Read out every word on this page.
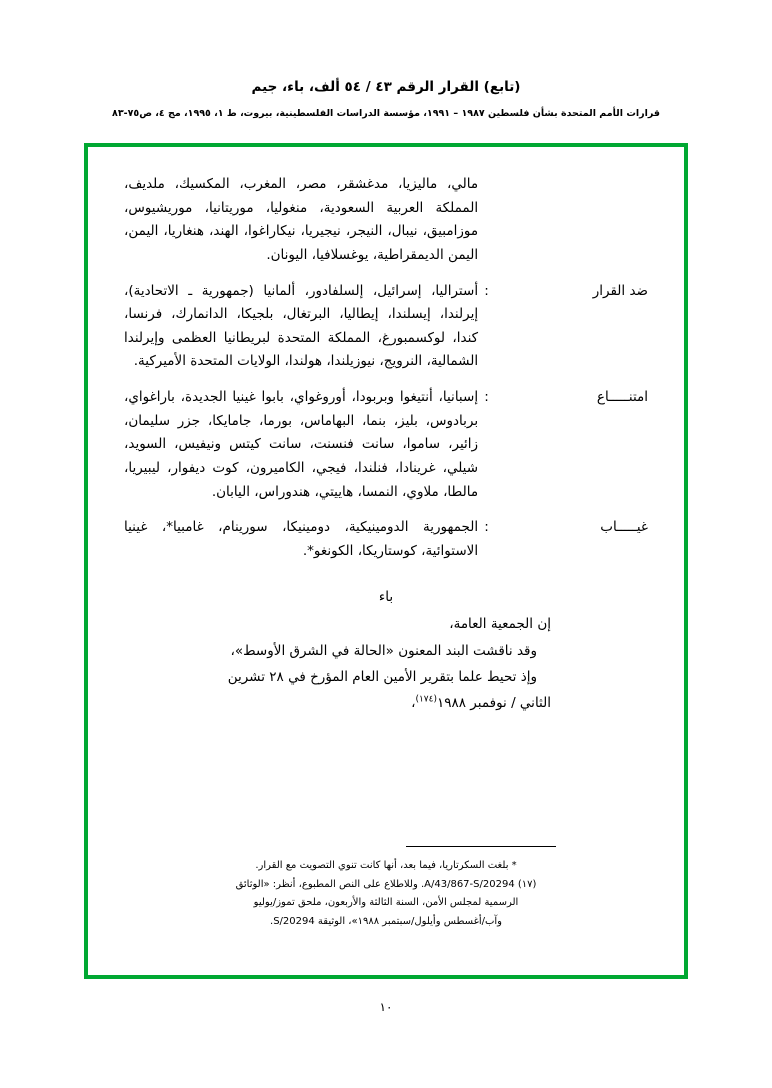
(تابع) القرار الرقم ٤٣ / ٥٤ ألف، باء، جيم
قرارات الأمم المتحدة بشأن فلسطين ١٩٨٧ – ١٩٩١، مؤسسة الدراسات الفلسطينية، بيروت، ط ١، ١٩٩٥، مج ٤، ص٧٥-٨٣
		مالي، ماليزيا، مدغشقر، مصر، المغرب، المكسيك، ملديف، المملكة العربية السعودية، منغوليا، موريتانيا، موريشيوس، موزامبيق، نيبال، النيجر، نيجيريا، نيكاراغوا، الهند، هنغاريا، اليمن، اليمن الديمقراطية، يوغسلافيا، اليونان.

ضد القرار	:	أستراليا، إسرائيل، إلسلفادور، ألمانيا (جمهورية ـ الاتحادية)، إيرلندا، إيسلندا، إيطاليا، البرتغال، بلجيكا، الدانمارك، فرنسا، كندا، لوكسمبورغ، المملكة المتحدة لبريطانيا العظمى وإيرلندا الشمالية، النرويج، نيوزيلندا، هولندا، الولايات المتحدة الأميركية.

امتنـــــاع	:	إسبانيا، أنتيغوا وبربودا، أوروغواي، بابوا غينيا الجديدة، باراغواي، بربادوس، بليز، بنما، البهاماس، بورما، جامايكا، جزر سليمان، زائير، ساموا، سانت فنسنت، سانت كيتس ونيفيس، السويد، شيلي، غرينادا، فنلندا، فيجي، الكاميرون، كوت ديفوار، ليبيريا، مالطا، ملاوي، النمسا، هاييتي، هندوراس، اليابان.

غيـــــاب	:	الجمهورية الدومينيكية، دومينيكا، سورينام، غامبيا*، غينيا الاستوائية، كوستاريكا، الكونغو*.
باء
إن الجمعية العامة،
وقد ناقشت البند المعنون «الحالة في الشرق الأوسط»،
وإذ تحيط علما بتقرير الأمين العام المؤرخ في ٢٨ تشرين
الثاني / نوفمبر ١٩٨٨$^{(١٧٤)}$،
* بلغت السكرتاريا، فيما بعد، أنها كانت تنوي التصويت مع القرار.
(١٧) A/43/867-S/20294. وللاطلاع على النص المطبوع، أنظر: «الوثائق
الرسمية لمجلس الأمن، السنة الثالثة والأربعون، ملحق تموز/يوليو
وآب/أغسطس وأيلول/سبتمبر ١٩٨٨»، الوثيقة S/20294.
١٠
